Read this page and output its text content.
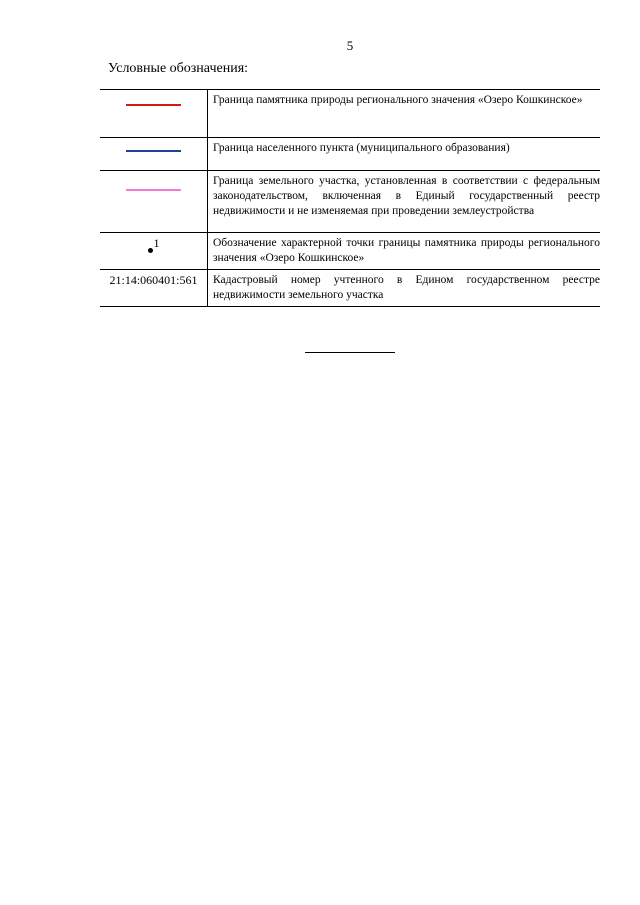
5
Условные обозначения:
	Граница памятника природы регионального значения «Озеро Кошкинское»
	Граница населенного пункта (муниципального образования)
	Граница земельного участка, установленная в соответствии с федеральным законодательством, включенная в Единый государственный реестр недвижимости и не изменяемая при проведении землеустройства
$^1$	Обозначение характерной точки границы памятника природы регионального значения «Озеро Кошкинское»

21:14:060401:561	Кадастровый номер учтенного в Едином государственном реестре недвижимости земельного участка
